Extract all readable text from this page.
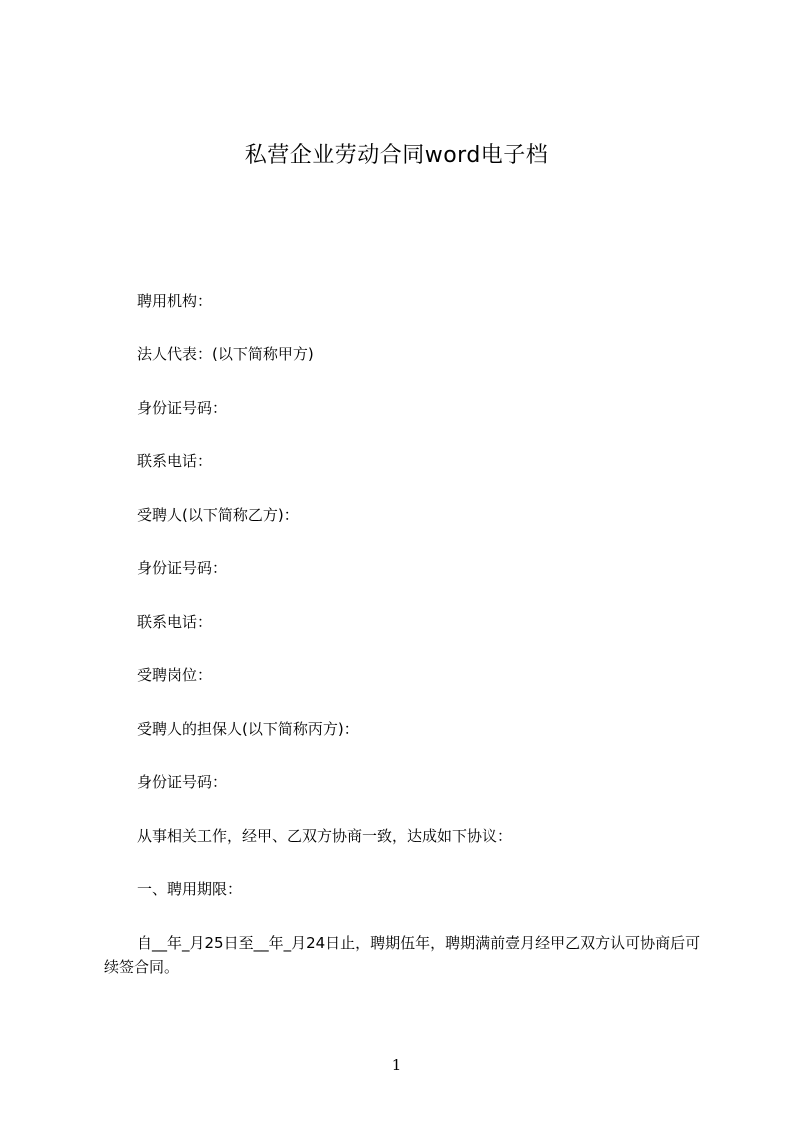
私营企业劳动合同word电子档

聘用机构：

法人代表：(以下简称甲方)

身份证号码：

联系电话：

受聘人(以下简称乙方)：

身份证号码：

联系电话：

受聘岗位：

受聘人的担保人(以下简称丙方)：

身份证号码：

从事相关工作，经甲、乙双方协商一致，达成如下协议：

一、聘用期限：

自__年_月25日至__年_月24日止，聘期伍年，聘期满前壹月经甲乙双方认可协商后可续签合同。

1
